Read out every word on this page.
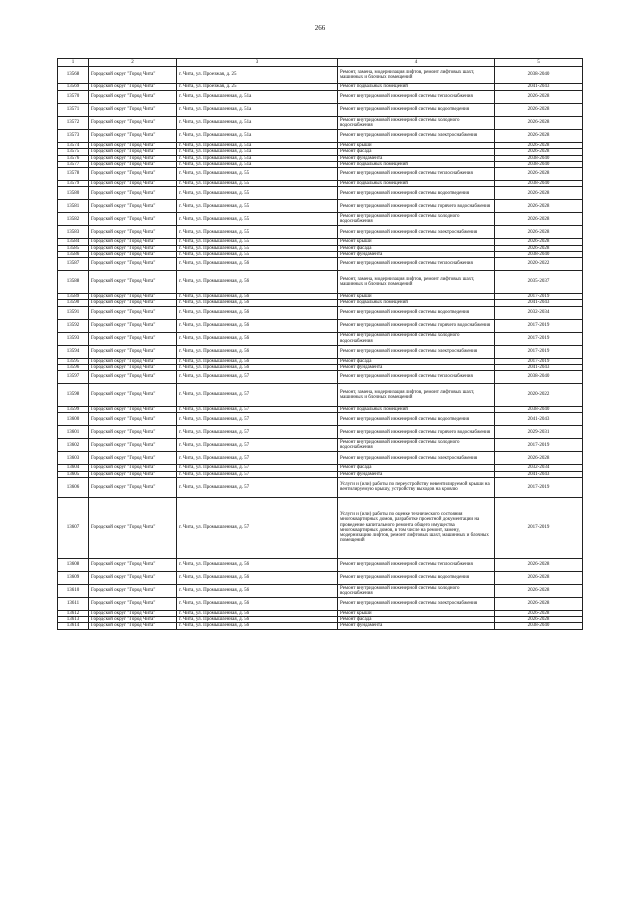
266
1	2	3	4	5
13568	Городской округ "Город Чита"	г. Чита, ул. Проезжая, д. 25	Ремонт, замена, модернизация лифтов, ремонт лифтовых шахт, машинных и блочных помещений	2038-2040
13569	Городской округ "Город Чита"	г. Чита, ул. Проезжая, д. 25	Ремонт подвальных помещений	2041-2043
13570	Городской округ "Город Чита"	г. Чита, ул. Промышленная, д. 51а	Ремонт внутридомовой инженерной системы теплоснабжения	2026-2028
13571	Городской округ "Город Чита"	г. Чита, ул. Промышленная, д. 51а	Ремонт внутридомовой инженерной системы водоотведения	2026-2028
13572	Городской округ "Город Чита"	г. Чита, ул. Промышленная, д. 51а	Ремонт внутридомовой инженерной системы холодного водоснабжения	2026-2028
13573	Городской округ "Город Чита"	г. Чита, ул. Промышленная, д. 51а	Ремонт внутридомовой инженерной системы электроснабжения	2026-2028
13574	Городской округ "Город Чита"	г. Чита, ул. Промышленная, д. 51а	Ремонт крыши	2026-2028
13575	Городской округ "Город Чита"	г. Чита, ул. Промышленная, д. 51а	Ремонт фасада	2026-2028
13576	Городской округ "Город Чита"	г. Чита, ул. Промышленная, д. 51а	Ремонт фундамента	2038-2040
13577	Городской округ "Город Чита"	г. Чита, ул. Промышленная, д. 51а	Ремонт подвальных помещений	2038-2040
13578	Городской округ "Город Чита"	г. Чита, ул. Промышленная, д. 55	Ремонт внутридомовой инженерной системы теплоснабжения	2026-2028
13579	Городской округ "Город Чита"	г. Чита, ул. Промышленная, д. 55	Ремонт подвальных помещений	2038-2040
13580	Городской округ "Город Чита"	г. Чита, ул. Промышленная, д. 55	Ремонт внутридомовой инженерной системы водоотведения	2026-2028
13581	Городской округ "Город Чита"	г. Чита, ул. Промышленная, д. 55	Ремонт внутридомовой инженерной системы горячего водоснабжения	2026-2028
13582	Городской округ "Город Чита"	г. Чита, ул. Промышленная, д. 55	Ремонт внутридомовой инженерной системы холодного водоснабжения	2026-2028
13583	Городской округ "Город Чита"	г. Чита, ул. Промышленная, д. 55	Ремонт внутридомовой инженерной системы электроснабжения	2026-2028
13584	Городской округ "Город Чита"	г. Чита, ул. Промышленная, д. 55	Ремонт крыши	2026-2028
13585	Городской округ "Город Чита"	г. Чита, ул. Промышленная, д. 55	Ремонт фасада	2026-2028
13586	Городской округ "Город Чита"	г. Чита, ул. Промышленная, д. 55	Ремонт фундамента	2038-2040
13587	Городской округ "Город Чита"	г. Чита, ул. Промышленная, д. 56	Ремонт внутридомовой инженерной системы теплоснабжения	2020-2022
13588	Городской округ "Город Чита"	г. Чита, ул. Промышленная, д. 56	Ремонт, замена, модернизация лифтов, ремонт лифтовых шахт, машинных и блочных помещений	2035-2037
13589	Городской округ "Город Чита"	г. Чита, ул. Промышленная, д. 56	Ремонт крыши	2017-2019
13590	Городской округ "Город Чита"	г. Чита, ул. Промышленная, д. 56	Ремонт подвальных помещений	2041-2043
13591	Городской округ "Город Чита"	г. Чита, ул. Промышленная, д. 56	Ремонт внутридомовой инженерной системы водоотведения	2032-2034
13592	Городской округ "Город Чита"	г. Чита, ул. Промышленная, д. 56	Ремонт внутридомовой инженерной системы горячего водоснабжения	2017-2019
13593	Городской округ "Город Чита"	г. Чита, ул. Промышленная, д. 56	Ремонт внутридомовой инженерной системы холодного водоснабжения	2017-2019
13594	Городской округ "Город Чита"	г. Чита, ул. Промышленная, д. 56	Ремонт внутридомовой инженерной системы электроснабжения	2017-2019
13595	Городской округ "Город Чита"	г. Чита, ул. Промышленная, д. 56	Ремонт фасада	2017-2019
13596	Городской округ "Город Чита"	г. Чита, ул. Промышленная, д. 56	Ремонт фундамента	2041-2043
13597	Городской округ "Город Чита"	г. Чита, ул. Промышленная, д. 57	Ремонт внутридомовой инженерной системы теплоснабжения	2038-2040
13598	Городской округ "Город Чита"	г. Чита, ул. Промышленная, д. 57	Ремонт, замена, модернизация лифтов, ремонт лифтовых шахт, машинных и блочных помещений	2020-2022
13599	Городской округ "Город Чита"	г. Чита, ул. Промышленная, д. 57	Ремонт подвальных помещений	2038-2040
13600	Городской округ "Город Чита"	г. Чита, ул. Промышленная, д. 57	Ремонт внутридомовой инженерной системы водоотведения	2041-2043
13601	Городской округ "Город Чита"	г. Чита, ул. Промышленная, д. 57	Ремонт внутридомовой инженерной системы горячего водоснабжения	2029-2031
13602	Городской округ "Город Чита"	г. Чита, ул. Промышленная, д. 57	Ремонт внутридомовой инженерной системы холодного водоснабжения	2017-2019
13603	Городской округ "Город Чита"	г. Чита, ул. Промышленная, д. 57	Ремонт внутридомовой инженерной системы электроснабжения	2026-2028
13604	Городской округ "Город Чита"	г. Чита, ул. Промышленная, д. 57	Ремонт фасада	2032-2034
13605	Городской округ "Город Чита"	г. Чита, ул. Промышленная, д. 57	Ремонт фундамента	2041-2043
13606	Городской округ "Город Чита"	г. Чита, ул. Промышленная, д. 57	Услуги и (или) работы по переустройству невентилируемой крыши на вентилируемую крышу, устройству выходов на кровлю	2017-2019
13607	Городской округ "Город Чита"	г. Чита, ул. Промышленная, д. 57	Услуги и (или) работы по оценке технического состояния многоквартирных домов, разработке проектной документации на проведение капитального ремонта общего имущества многоквартирных домов, в том числе на ремонт, замену, модернизацию лифтов, ремонт лифтовых шахт, машинных и блочных помещений	2017-2019
13608	Городской округ "Город Чита"	г. Чита, ул. Промышленная, д. 56	Ремонт внутридомовой инженерной системы теплоснабжения	2026-2028
13609	Городской округ "Город Чита"	г. Чита, ул. Промышленная, д. 56	Ремонт внутридомовой инженерной системы водоотведения	2026-2028
13610	Городской округ "Город Чита"	г. Чита, ул. Промышленная, д. 56	Ремонт внутридомовой инженерной системы холодного водоснабжения	2026-2028
13611	Городской округ "Город Чита"	г. Чита, ул. Промышленная, д. 56	Ремонт внутридомовой инженерной системы электроснабжения	2026-2028
13612	Городской округ "Город Чита"	г. Чита, ул. Промышленная, д. 56	Ремонт крыши	2026-2028
13613	Городской округ "Город Чита"	г. Чита, ул. Промышленная, д. 56	Ремонт фасада	2026-2028
13614	Городской округ "Город Чита"	г. Чита, ул. Промышленная, д. 56	Ремонт фундамента	2038-2040
